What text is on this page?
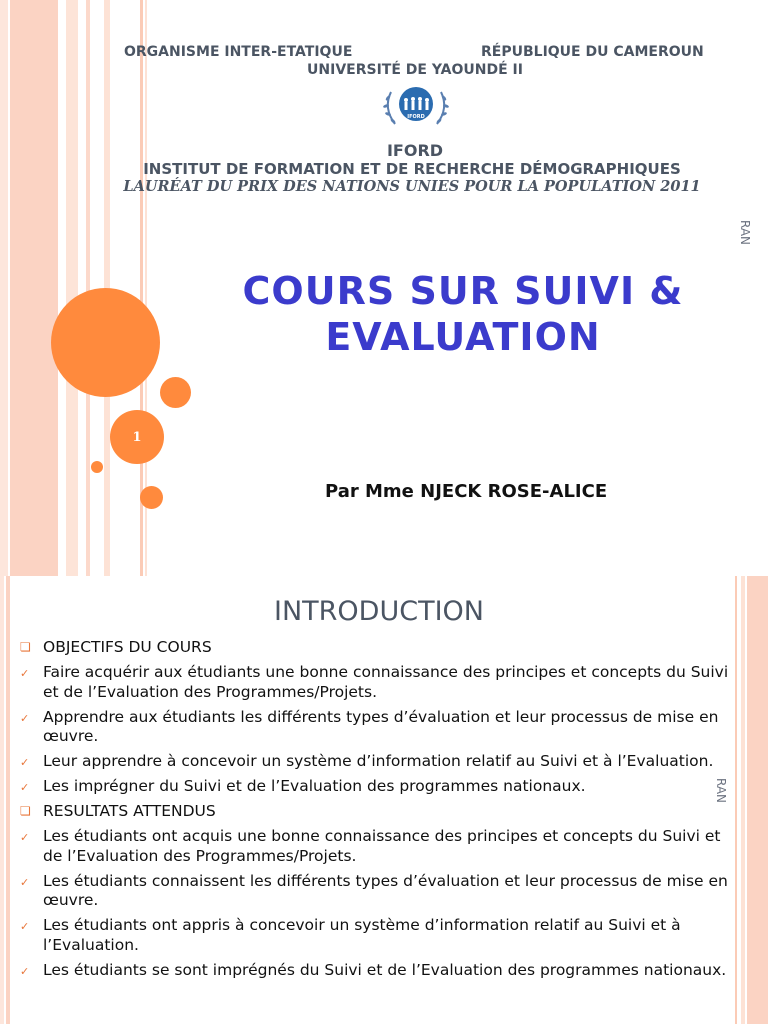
ORGANISME INTER-ETATIQUE	RÉPUBLIQUE DU CAMEROUN
UNIVERSITÉ DE YAOUNDÉ II
IFORD
IFORD
INSTITUT DE FORMATION ET DE RECHERCHE DÉMOGRAPHIQUES
LAURÉAT DU PRIX DES NATIONS UNIES POUR LA POPULATION 2011
RAN
COURS SUR SUIVI &
EVALUATION
Par Mme NJECK ROSE-ALICE
1
INTRODUCTION
RAN
❏ OBJECTIFS DU COURS
✓ Faire acquérir aux étudiants une bonne connaissance des principes et concepts du Suivi et de l’Evaluation des Programmes/Projets.
✓ Apprendre aux étudiants les différents types d’évaluation et leur processus de mise en œuvre.
✓ Leur apprendre à concevoir un système d’information relatif au Suivi et à l’Evaluation.
✓ Les imprégner du Suivi et de l’Evaluation des programmes nationaux.
❏ RESULTATS ATTENDUS
✓ Les étudiants ont acquis une bonne connaissance des principes et concepts du Suivi et de l’Evaluation des Programmes/Projets.
✓ Les étudiants connaissent les différents types d’évaluation et leur processus de mise en œuvre.
✓ Les étudiants ont appris à concevoir un système d’information relatif au Suivi et à l’Evaluation.
✓ Les étudiants se sont imprégnés du Suivi et de l’Evaluation des programmes nationaux.
